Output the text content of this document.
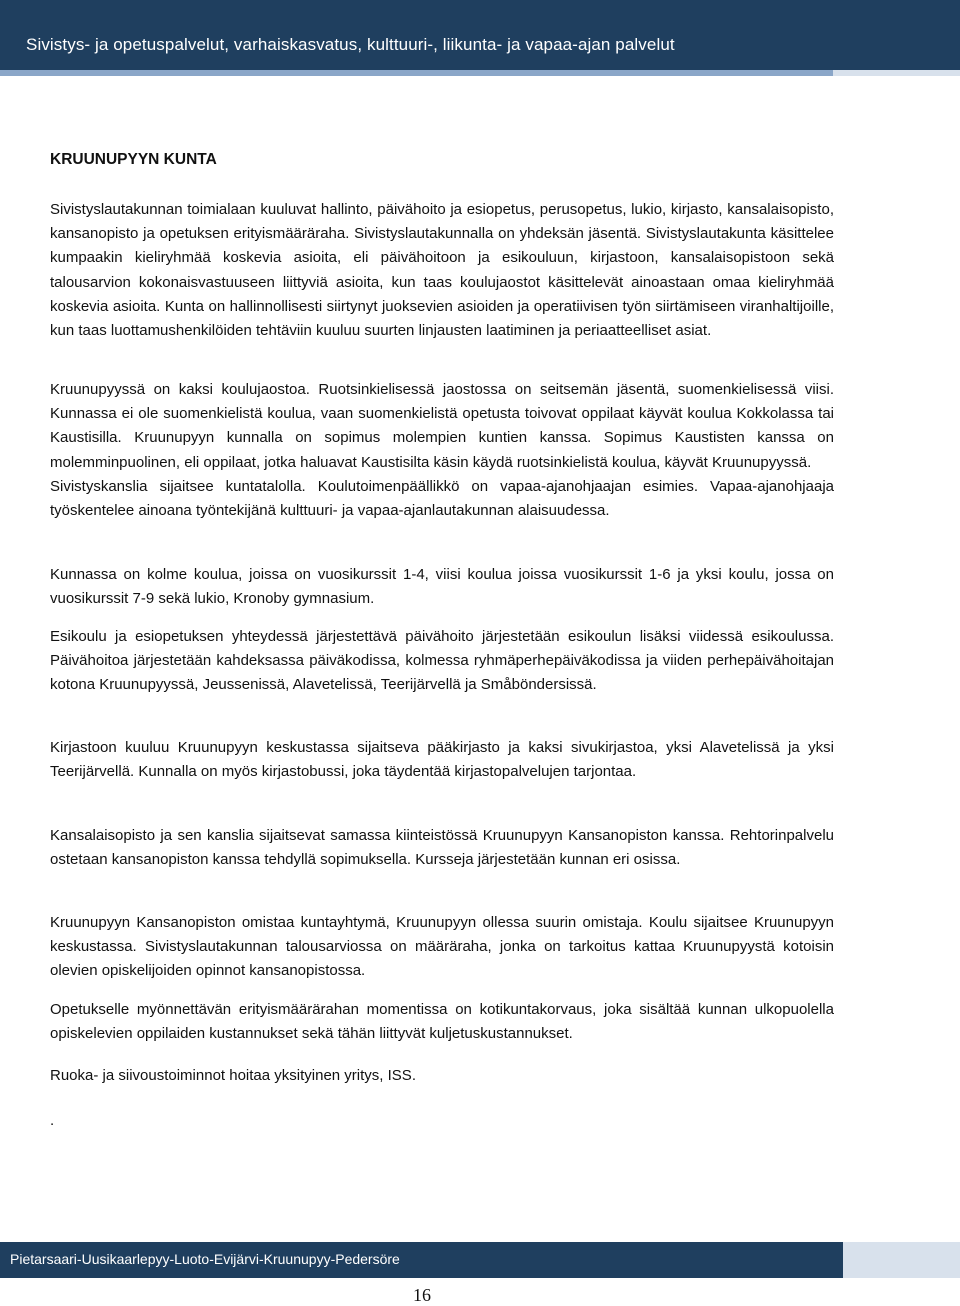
Sivistys- ja opetuspalvelut, varhaiskasvatus, kulttuuri-, liikunta- ja vapaa-ajan palvelut
KRUUNUPYYN KUNTA

Sivistyslautakunnan toimialaan kuuluvat hallinto, päivähoito ja esiopetus, perusopetus, lukio, kirjasto, kansalaisopisto, kansanopisto ja opetuksen erityismääräraha. Sivistyslautakunnalla on yhdeksän jäsentä. Sivistyslautakunta käsittelee kumpaakin kieliryhmää koskevia asioita, eli päivähoitoon ja esikouluun, kirjastoon, kansalaisopistoon sekä talousarvion kokonaisvastuuseen liittyviä asioita, kun taas koulujaostot käsittelevät ainoastaan omaa kieliryhmää koskevia asioita. Kunta on hallinnollisesti siirtynyt juoksevien asioiden ja operatiivisen työn siirtämiseen viranhaltijoille, kun taas luottamushenkilöiden tehtäviin kuuluu suurten linjausten laatiminen ja periaatteelliset asiat.

Kruunupyyssä on kaksi koulujaostoa. Ruotsinkielisessä jaostossa on seitsemän jäsentä, suomenkielisessä viisi. Kunnassa ei ole suomenkielistä koulua, vaan suomenkielistä opetusta toivovat oppilaat käyvät koulua Kokkolassa tai Kaustisilla. Kruunupyyn kunnalla on sopimus molempien kuntien kanssa. Sopimus Kaustisten kanssa on molemminpuolinen, eli oppilaat, jotka haluavat Kaustisilta käsin käydä ruotsinkielistä koulua, käyvät Kruunupyyssä.

Sivistyskanslia sijaitsee kuntatalolla. Koulutoimenpäällikkö on vapaa-ajanohjaajan esimies. Vapaa-ajanohjaaja työskentelee ainoana työntekijänä kulttuuri- ja vapaa-ajanlautakunnan alaisuudessa.

Kunnassa on kolme koulua, joissa on vuosikurssit 1-4, viisi koulua joissa vuosikurssit 1-6 ja yksi koulu, jossa on vuosikurssit 7-9 sekä lukio, Kronoby gymnasium.

Esikoulu ja esiopetuksen yhteydessä järjestettävä päivähoito järjestetään esikoulun lisäksi viidessä esikoulussa. Päivähoitoa järjestetään kahdeksassa päiväkodissa, kolmessa ryhmäperhepäiväkodissa ja viiden perhepäivähoitajan kotona Kruunupyyssä, Jeussenissä, Alavetelissä, Teerijärvellä ja Småböndersissä.

Kirjastoon kuuluu Kruunupyyn keskustassa sijaitseva pääkirjasto ja kaksi sivukirjastoa, yksi Alavetelissä ja yksi Teerijärvellä. Kunnalla on myös kirjastobussi, joka täydentää kirjastopalvelujen tarjontaa.

Kansalaisopisto ja sen kanslia sijaitsevat samassa kiinteistössä Kruunupyyn Kansanopiston kanssa. Rehtorinpalvelu ostetaan kansanopiston kanssa tehdyllä sopimuksella. Kursseja järjestetään kunnan eri osissa.

Kruunupyyn Kansanopiston omistaa kuntayhtymä, Kruunupyyn ollessa suurin omistaja. Koulu sijaitsee Kruunupyyn keskustassa. Sivistyslautakunnan talousarviossa on määräraha, jonka on tarkoitus kattaa Kruunupyystä kotoisin olevien opiskelijoiden opinnot kansanopistossa.

Opetukselle myönnettävän erityismäärärahan momentissa on kotikuntakorvaus, joka sisältää kunnan ulkopuolella opiskelevien oppilaiden kustannukset sekä tähän liittyvät kuljetuskustannukset.

Ruoka- ja siivoustoiminnot hoitaa yksityinen yritys, ISS.

.
Pietarsaari-Uusikaarlepyy-Luoto-Evijärvi-Kruunupyy-Pedersöre
16
